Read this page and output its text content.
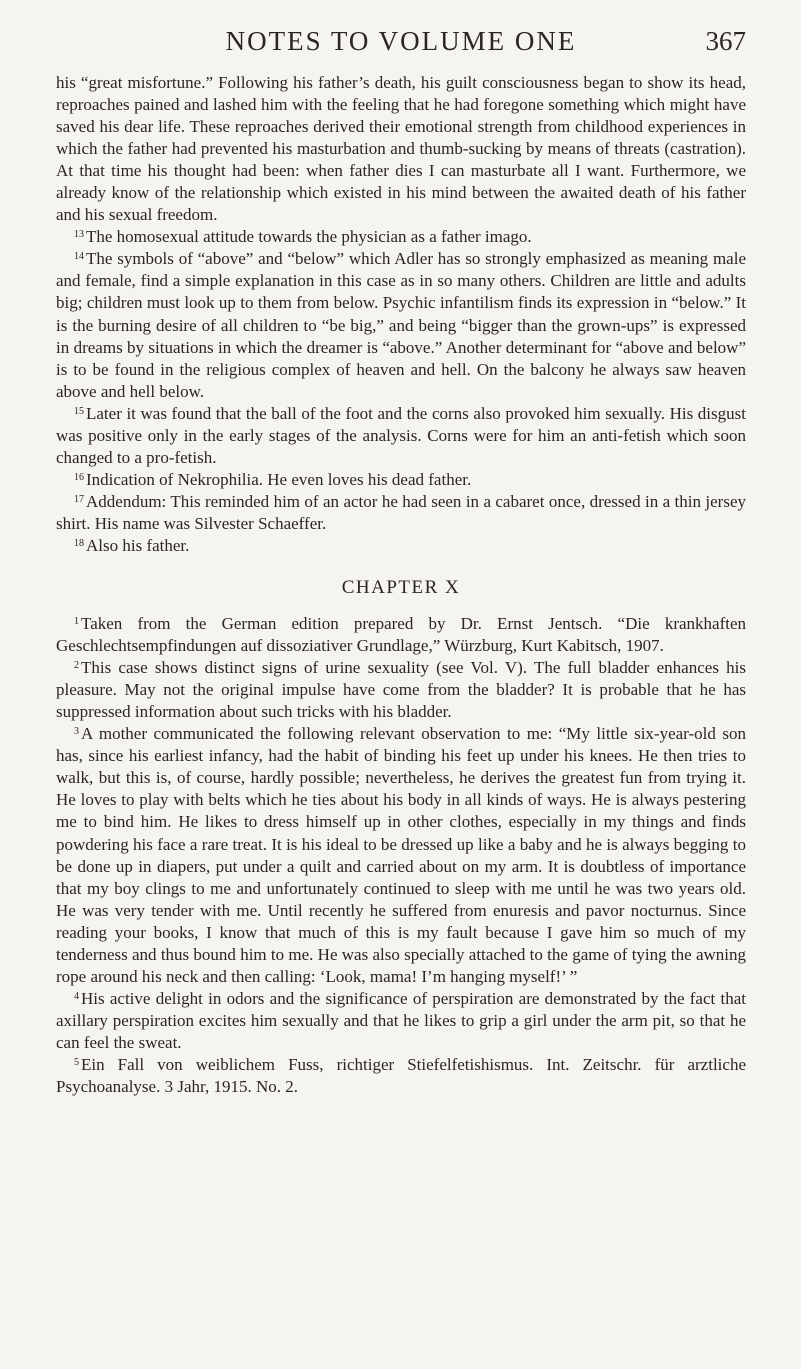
NOTES TO VOLUME ONE	367

his “great misfortune.” Following his father’s death, his guilt consciousness began to show its head, reproaches pained and lashed him with the feeling that he had foregone something which might have saved his dear life. These reproaches derived their emotional strength from childhood experiences in which the father had prevented his masturbation and thumb-sucking by means of threats (castration). At that time his thought had been: when father dies I can masturbate all I want. Furthermore, we already know of the relationship which existed in his mind between the awaited death of his father and his sexual freedom.

$^{13}$ The homosexual attitude towards the physician as a father imago.

$^{14}$ The symbols of “above” and “below” which Adler has so strongly emphasized as meaning male and female, find a simple explanation in this case as in so many others. Children are little and adults big; children must look up to them from below. Psychic infantilism finds its expression in “below.” It is the burning desire of all children to “be big,” and being “bigger than the grown-ups” is expressed in dreams by situations in which the dreamer is “above.” Another determinant for “above and below” is to be found in the religious complex of heaven and hell. On the balcony he always saw heaven above and hell below.

$^{15}$ Later it was found that the ball of the foot and the corns also provoked him sexually. His disgust was positive only in the early stages of the analysis. Corns were for him an anti-fetish which soon changed to a pro-fetish.

$^{16}$ Indication of Nekrophilia. He even loves his dead father.

$^{17}$ Addendum: This reminded him of an actor he had seen in a cabaret once, dressed in a thin jersey shirt. His name was Silvester Schaeffer.

$^{18}$ Also his father.

CHAPTER X

$^1$ Taken from the German edition prepared by Dr. Ernst Jentsch. “Die krankhaften Geschlechtsempfindungen auf dissoziativer Grundlage,” Würzburg, Kurt Kabitsch, 1907.

$^2$ This case shows distinct signs of urine sexuality (see Vol. V). The full bladder enhances his pleasure. May not the original impulse have come from the bladder? It is probable that he has suppressed information about such tricks with his bladder.

$^3$ A mother communicated the following relevant observation to me: “My little six-year-old son has, since his earliest infancy, had the habit of binding his feet up under his knees. He then tries to walk, but this is, of course, hardly possible; nevertheless, he derives the greatest fun from trying it. He loves to play with belts which he ties about his body in all kinds of ways. He is always pestering me to bind him. He likes to dress himself up in other clothes, especially in my things and finds powdering his face a rare treat. It is his ideal to be dressed up like a baby and he is always begging to be done up in diapers, put under a quilt and carried about on my arm. It is doubtless of importance that my boy clings to me and unfortunately continued to sleep with me until he was two years old. He was very tender with me. Until recently he suffered from enuresis and pavor nocturnus. Since reading your books, I know that much of this is my fault because I gave him so much of my tenderness and thus bound him to me. He was also specially attached to the game of tying the awning rope around his neck and then calling: ‘Look, mama! I’m hanging myself!’ ”

$^4$ His active delight in odors and the significance of perspiration are demonstrated by the fact that axillary perspiration excites him sexually and that he likes to grip a girl under the arm pit, so that he can feel the sweat.

$^5$ Ein Fall von weiblichem Fuss, richtiger Stiefelfetishismus. Int. Zeitschr. für arztliche Psychoanalyse. 3 Jahr, 1915. No. 2.
